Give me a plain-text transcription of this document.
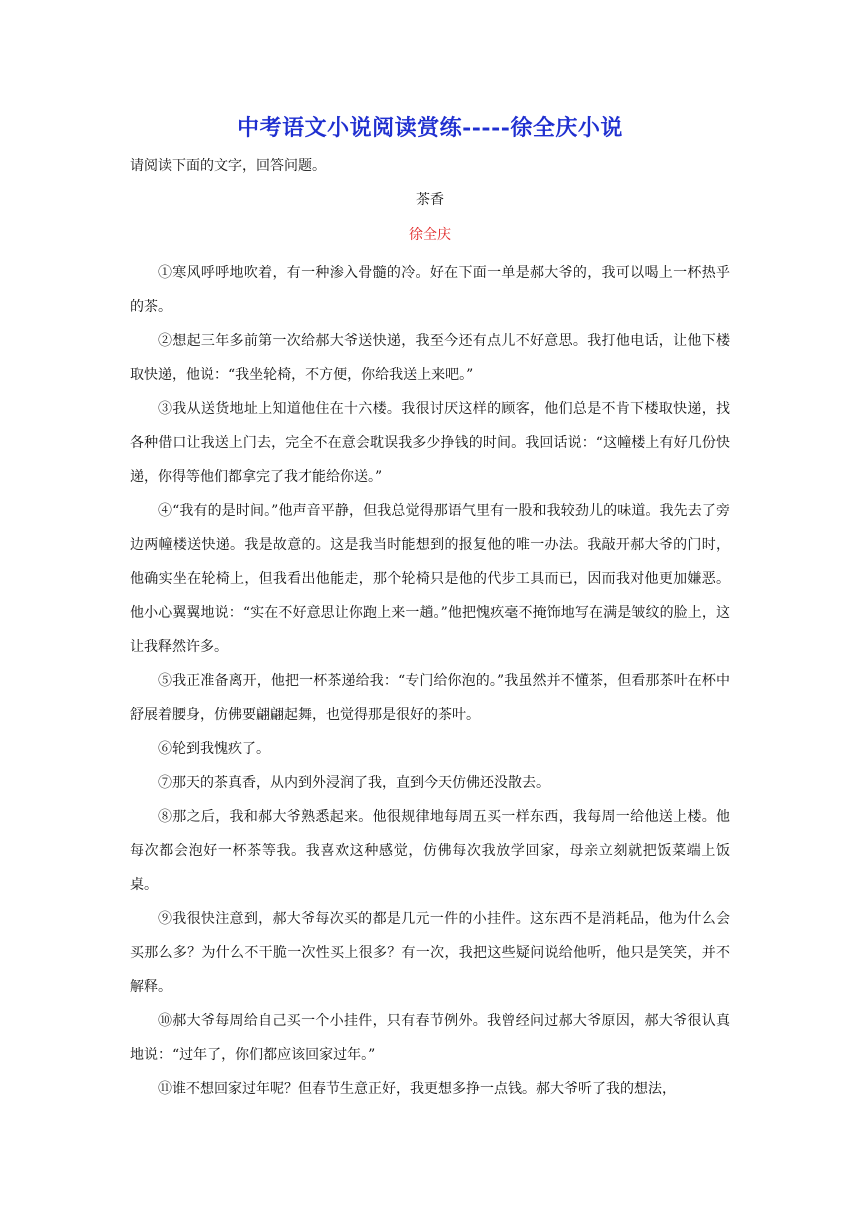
中考语文小说阅读赏练-----徐全庆小说
请阅读下面的文字，回答问题。
茶香
徐全庆

①寒风呼呼地吹着，有一种渗入骨髓的冷。好在下面一单是郝大爷的，我可以喝上一杯热乎的茶。

②想起三年多前第一次给郝大爷送快递，我至今还有点儿不好意思。我打他电话，让他下楼取快递，他说：“我坐轮椅，不方便，你给我送上来吧。”

③我从送货地址上知道他住在十六楼。我很讨厌这样的顾客，他们总是不肯下楼取快递，找各种借口让我送上门去，完全不在意会耽误我多少挣钱的时间。我回话说：“这幢楼上有好几份快递，你得等他们都拿完了我才能给你送。”

④“我有的是时间。”他声音平静，但我总觉得那语气里有一股和我较劲儿的味道。我先去了旁边两幢楼送快递。我是故意的。这是我当时能想到的报复他的唯一办法。我敲开郝大爷的门时，他确实坐在轮椅上，但我看出他能走，那个轮椅只是他的代步工具而已，因而我对他更加嫌恶。他小心翼翼地说：“实在不好意思让你跑上来一趟。”他把愧疚毫不掩饰地写在满是皱纹的脸上，这让我释然许多。

⑤我正准备离开，他把一杯茶递给我：“专门给你泡的。”我虽然并不懂茶，但看那茶叶在杯中舒展着腰身，仿佛要翩翩起舞，也觉得那是很好的茶叶。

⑥轮到我愧疚了。

⑦那天的茶真香，从内到外浸润了我，直到今天仿佛还没散去。

⑧那之后，我和郝大爷熟悉起来。他很规律地每周五买一样东西，我每周一给他送上楼。他每次都会泡好一杯茶等我。我喜欢这种感觉，仿佛每次我放学回家，母亲立刻就把饭菜端上饭桌。

⑨我很快注意到，郝大爷每次买的都是几元一件的小挂件。这东西不是消耗品，他为什么会买那么多？为什么不干脆一次性买上很多？有一次，我把这些疑问说给他听，他只是笑笑，并不解释。

⑩郝大爷每周给自己买一个小挂件，只有春节例外。我曾经问过郝大爷原因，郝大爷很认真地说：“过年了，你们都应该回家过年。”

⑪谁不想回家过年呢？但春节生意正好，我更想多挣一点钱。郝大爷听了我的想法，
